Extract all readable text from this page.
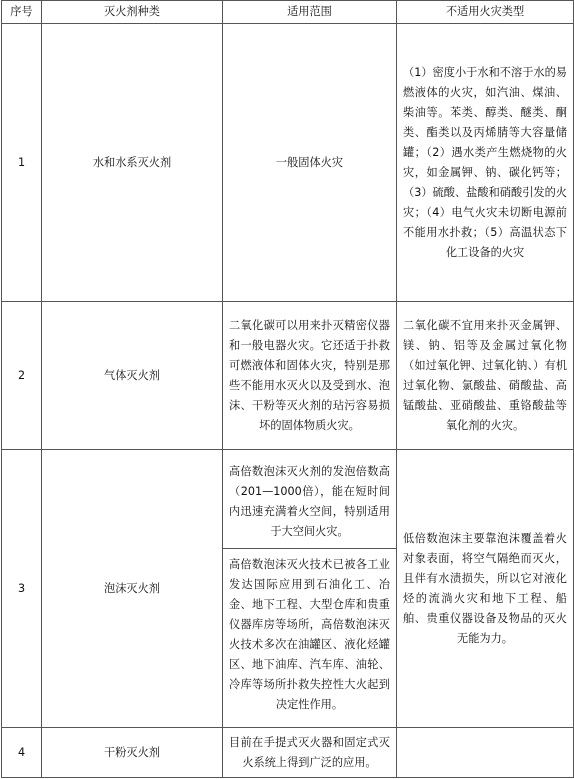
序号	灭火剂种类	适用范围	不适用火灾类型
1	水和水系灭火剂	一般固体火灾	（1）密度小于水和不溶于水的易燃液体的火灾，如汽油、煤油、柴油等。苯类、醇类、醚类、酮类、酯类以及丙烯腈等大容量储罐；（2）遇水类产生燃烧物的火灾，如金属钾、钠、碳化钙等；（3）硫酸、盐酸和硝酸引发的火灾；（4）电气火灾未切断电源前不能用水扑救；（5）高温状态下化工设备的火灾
2	气体灭火剂	二氧化碳可以用来扑灭精密仪器和一般电器火灾。它还适于扑救可燃液体和固体火灾，特别是那些不能用水灭火以及受到水、泡沫、干粉等灭火剂的玷污容易损坏的固体物质火灾。	二氧化碳不宜用来扑灭金属钾、镁、钠、铝等及金属过氧化物（如过氧化钾、过氧化钠、）有机过氧化物、氯酸盐、硝酸盐、高锰酸盐、亚硝酸盐、重铬酸盐等氧化剂的火灾。
3	泡沫灭火剂	高倍数泡沫灭火剂的发泡倍数高（201—1000倍），能在短时间内迅速充满着火空间，特别适用于大空间火灾。
高倍数泡沫灭火技术已被各工业发达国际应用到石油化工、冶金、地下工程、大型仓库和贵重仪器库房等场所，高倍数泡沫灭火技术多次在油罐区、液化烃罐区、地下油库、汽车库、油轮、冷库等场所扑救失控性大火起到决定性作用。	低倍数泡沫主要靠泡沫覆盖着火对象表面，将空气隔绝而灭火，且伴有水渍损失，所以它对液化烃的流淌火灾和地下工程、船舶、贵重仪器设备及物品的灭火无能为力。
4	干粉灭火剂	目前在手提式灭火器和固定式灭火系统上得到广泛的应用。	
